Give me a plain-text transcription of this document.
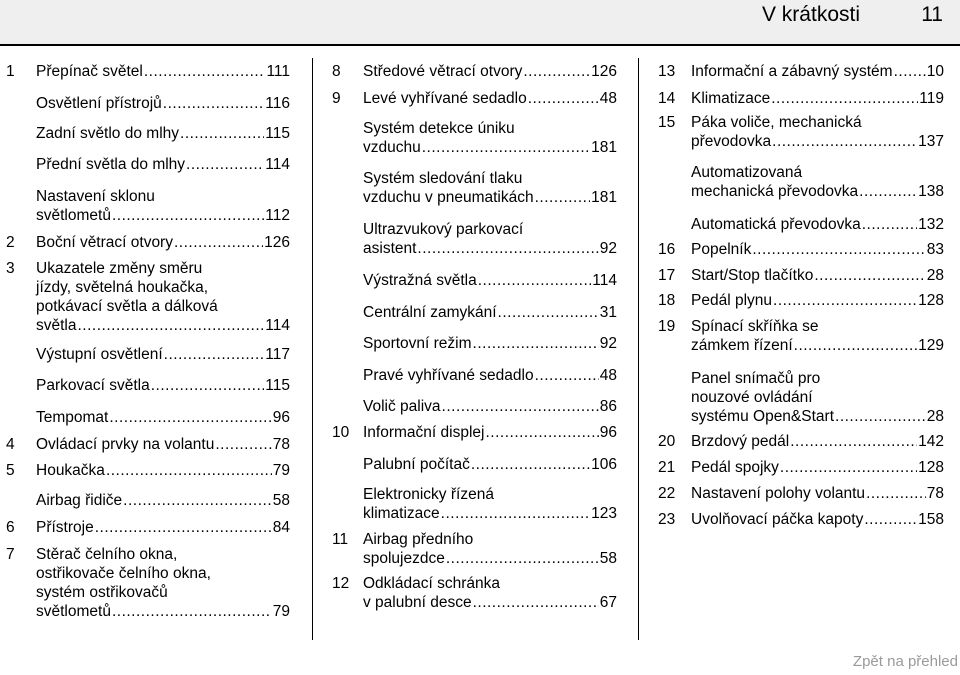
V krátkosti	11
1 Přepínač světel .....	111
Osvětlení přístrojů .....	116
Zadní světlo do mlhy .....	115
Přední světla do mlhy .....	114
Nastavení sklonu
světlometů .....	112
2 Boční větrací otvory .....	126
3 Ukazatele změny směru
jízdy, světelná houkačka,
potkávací světla a dálková
světla .....	114
Výstupní osvětlení .....	117
Parkovací světla .....	115
Tempomat .....	96
4 Ovládací prvky na volantu .....	78
5 Houkačka .....	79
Airbag řidiče .....	58
6 Přístroje .....	84
7 Stěrač čelního okna,
ostřikovače čelního okna,
systém ostřikovačů
světlometů .....	79
8 Středové větrací otvory .....	126
9 Levé vyhřívané sedadlo .....	48
Systém detekce úniku
vzduchu .....	181
Systém sledování tlaku
vzduchu v pneumatikách .....	181
Ultrazvukový parkovací
asistent .....	92
Výstražná světla .....	114
Centrální zamykání .....	31
Sportovní režim .....	92
Pravé vyhřívané sedadlo .....	48
Volič paliva .....	86
10 Informační displej .....	96
Palubní počítač .....	106
Elektronicky řízená
klimatizace .....	123
11 Airbag předního
spolujezdce .....	58
12 Odkládací schránka
v palubní desce .....	67
13 Informační a zábavný systém ..... 10
14 Klimatizace .....	119
15 Páka voliče, mechanická
převodovka .....	137
Automatizovaná
mechanická převodovka .....	138
Automatická převodovka .....	132
16 Popelník .....	83
17 Start/Stop tlačítko .....	28
18 Pedál plynu .....	128
19 Spínací skříňka se
zámkem řízení .....	129
Panel snímačů pro
nouzové ovládání
systému Open&Start .....	28
20 Brzdový pedál .....	142
21 Pedál spojky .....	128
22 Nastavení polohy volantu .....	78
23 Uvolňovací páčka kapoty .....	158
Zpět na přehled
